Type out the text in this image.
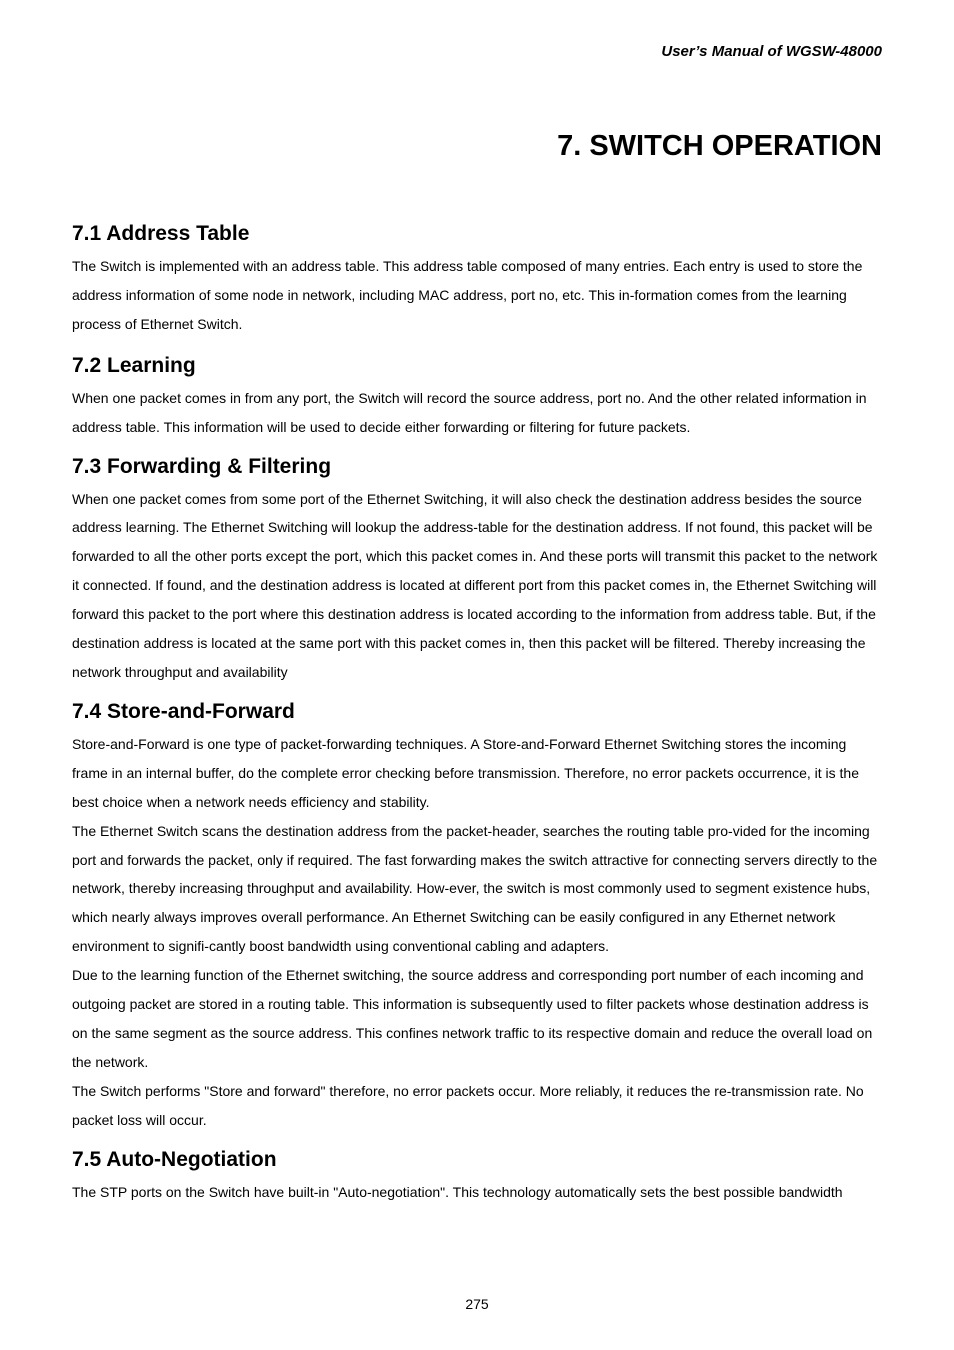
User’s Manual of WGSW-48000
7. SWITCH OPERATION
7.1 Address Table

The Switch is implemented with an address table. This address table composed of many entries. Each entry is used to store the address information of some node in network, including MAC address, port no, etc. This in-formation comes from the learning process of Ethernet Switch.

7.2 Learning

When one packet comes in from any port, the Switch will record the source address, port no. And the other related information in address table. This information will be used to decide either forwarding or filtering for future packets.

7.3 Forwarding & Filtering

When one packet comes from some port of the Ethernet Switching, it will also check the destination address besides the source address learning. The Ethernet Switching will lookup the address-table for the destination address. If not found, this packet will be forwarded to all the other ports except the port, which this packet comes in. And these ports will transmit this packet to the network it connected. If found, and the destination address is located at different port from this packet comes in, the Ethernet Switching will forward this packet to the port where this destination address is located according to the information from address table. But, if the destination address is located at the same port with this packet comes in, then this packet will be filtered. Thereby increasing the network throughput and availability

7.4 Store-and-Forward

Store-and-Forward is one type of packet-forwarding techniques. A Store-and-Forward Ethernet Switching stores the incoming frame in an internal buffer, do the complete error checking before transmission. Therefore, no error packets occurrence, it is the best choice when a network needs efficiency and stability.

The Ethernet Switch scans the destination address from the packet-header, searches the routing table pro-vided for the incoming port and forwards the packet, only if required. The fast forwarding makes the switch attractive for connecting servers directly to the network, thereby increasing throughput and availability. How-ever, the switch is most commonly used to segment existence hubs, which nearly always improves overall performance. An Ethernet Switching can be easily configured in any Ethernet network environment to signifi-cantly boost bandwidth using conventional cabling and adapters.

Due to the learning function of the Ethernet switching, the source address and corresponding port number of each incoming and outgoing packet are stored in a routing table. This information is subsequently used to filter packets whose destination address is on the same segment as the source address. This confines network traffic to its respective domain and reduce the overall load on the network.

The Switch performs "Store and forward" therefore, no error packets occur. More reliably, it reduces the re-transmission rate. No packet loss will occur.

7.5 Auto-Negotiation

The STP ports on the Switch have built-in "Auto-negotiation". This technology automatically sets the best possible bandwidth

275
